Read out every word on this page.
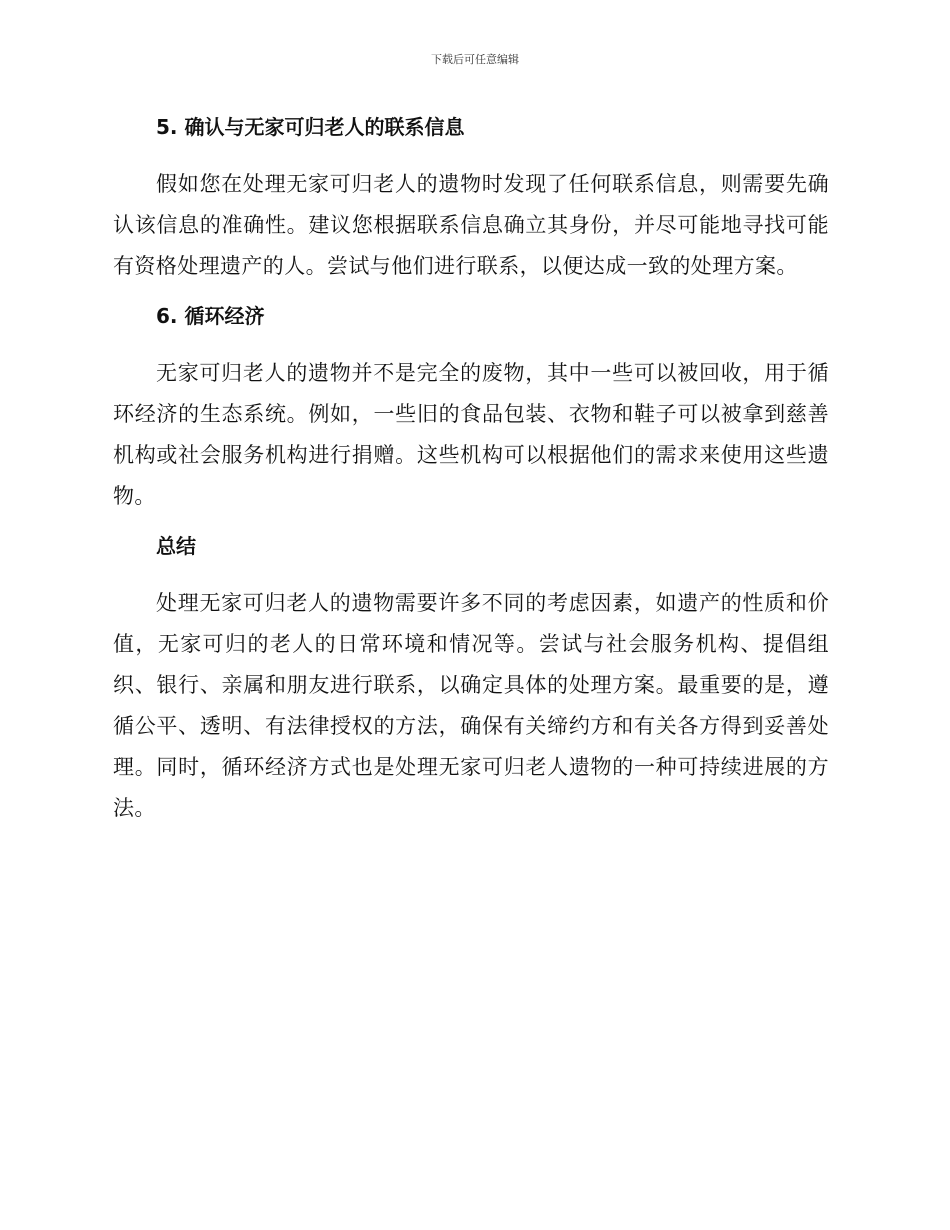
下载后可任意编辑
5. 确认与无家可归老人的联系信息

假如您在处理无家可归老人的遗物时发现了任何联系信息，则需要先确认该信息的准确性。建议您根据联系信息确立其身份，并尽可能地寻找可能有资格处理遗产的人。尝试与他们进行联系，以便达成一致的处理方案。

6. 循环经济

无家可归老人的遗物并不是完全的废物，其中一些可以被回收，用于循环经济的生态系统。例如，一些旧的食品包装、衣物和鞋子可以被拿到慈善机构或社会服务机构进行捐赠。这些机构可以根据他们的需求来使用这些遗物。

总结

处理无家可归老人的遗物需要许多不同的考虑因素，如遗产的性质和价值，无家可归的老人的日常环境和情况等。尝试与社会服务机构、提倡组织、银行、亲属和朋友进行联系，以确定具体的处理方案。最重要的是，遵循公平、透明、有法律授权的方法，确保有关缔约方和有关各方得到妥善处理。同时，循环经济方式也是处理无家可归老人遗物的一种可持续进展的方法。
